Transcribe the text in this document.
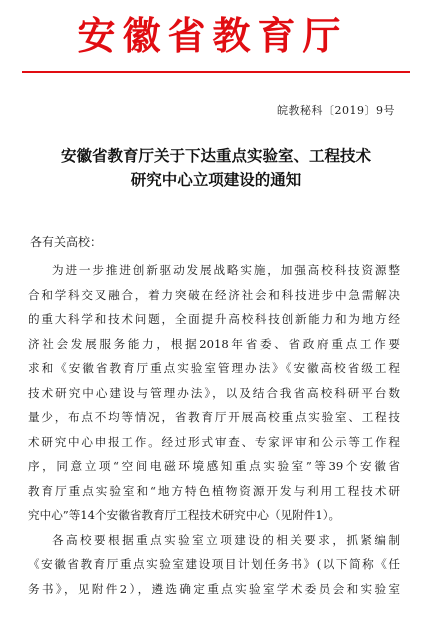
安徽省教育厅
皖教秘科〔2019〕9号
安徽省教育厅关于下达重点实验室、工程技术
研究中心立项建设的通知
各有关高校：
为进一步推进创新驱动发展战略实施，加强高校科技资源整
合和学科交叉融合，着力突破在经济社会和科技进步中急需解决
的重大科学和技术问题，全面提升高校科技创新能力和为地方经
济社会发展服务能力，根据2018年省委、省政府重点工作要
求和《安徽省教育厅重点实验室管理办法》《安徽高校省级工程
技术研究中心建设与管理办法》，以及结合我省高校科研平台数
量少，布点不均等情况，省教育厅开展高校重点实验室、工程技
术研究中心申报工作。经过形式审查、专家评审和公示等工作程
序，同意立项“空间电磁环境感知重点实验室”等39个安徽省
教育厅重点实验室和“地方特色植物资源开发与利用工程技术研
究中心”等14个安徽省教育厅工程技术研究中心（见附件1）。
各高校要根据重点实验室立项建设的相关要求，抓紧编制
《安徽省教育厅重点实验室建设项目计划任务书》(以下简称《任
务书》，见附件2），遴选确定重点实验室学术委员会和实验室
